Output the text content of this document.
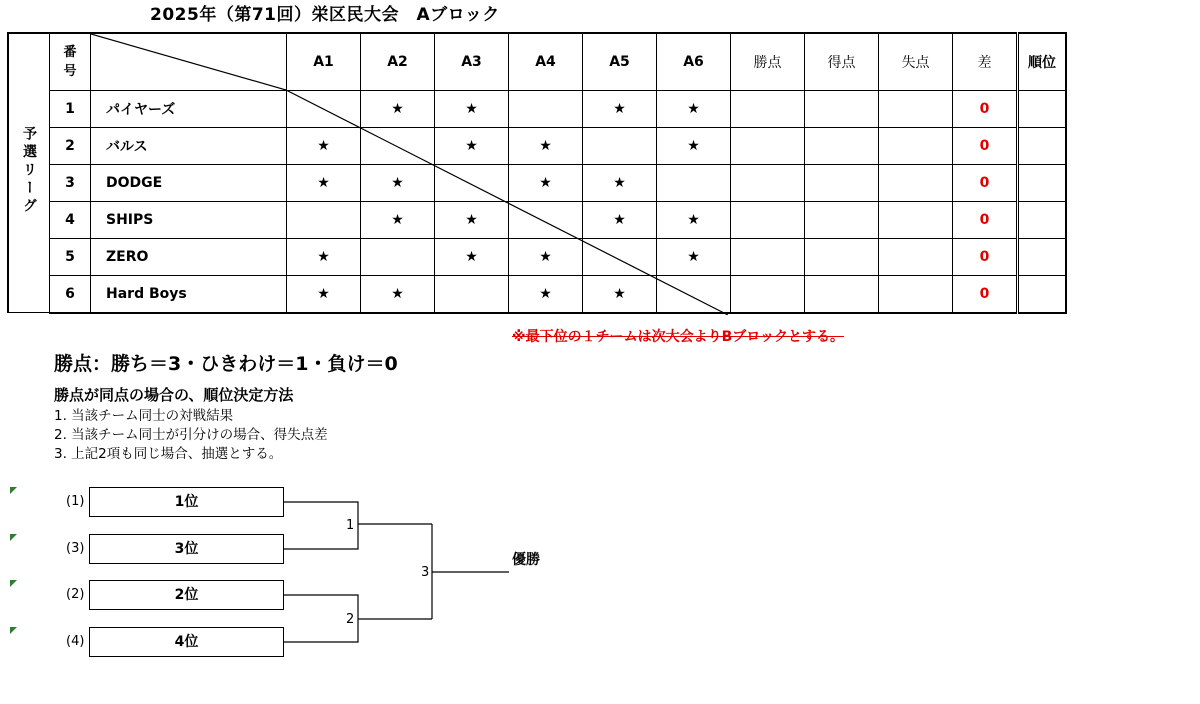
2025年（第71回）栄区民大会　Aブロック
予選リーグ	番号		A1	A2	A3	A4	A5	A6	勝点	得点	失点	差	順位
	1	パイヤーズ		★	★		★	★				0	
	2	バルス	★		★	★		★				0	
	3	DODGE	★	★		★	★					0	
	4	SHIPS		★	★		★	★				0	
	5	ZERO	★		★	★		★				0	
	6	Hard Boys	★	★		★	★					0	
※最下位の１チームは次大会よりBブロックとする。
勝点：勝ち＝3・ひきわけ＝1・負け＝0
勝点が同点の場合の、順位決定方法
1. 当該チーム同士の対戦結果
2. 当該チーム同士が引分けの場合、得失点差
3. 上記2項も同じ場合、抽選とする。
(1)	1位
(3)	3位
(2)	2位
(4)	4位
1
2
3
優勝
